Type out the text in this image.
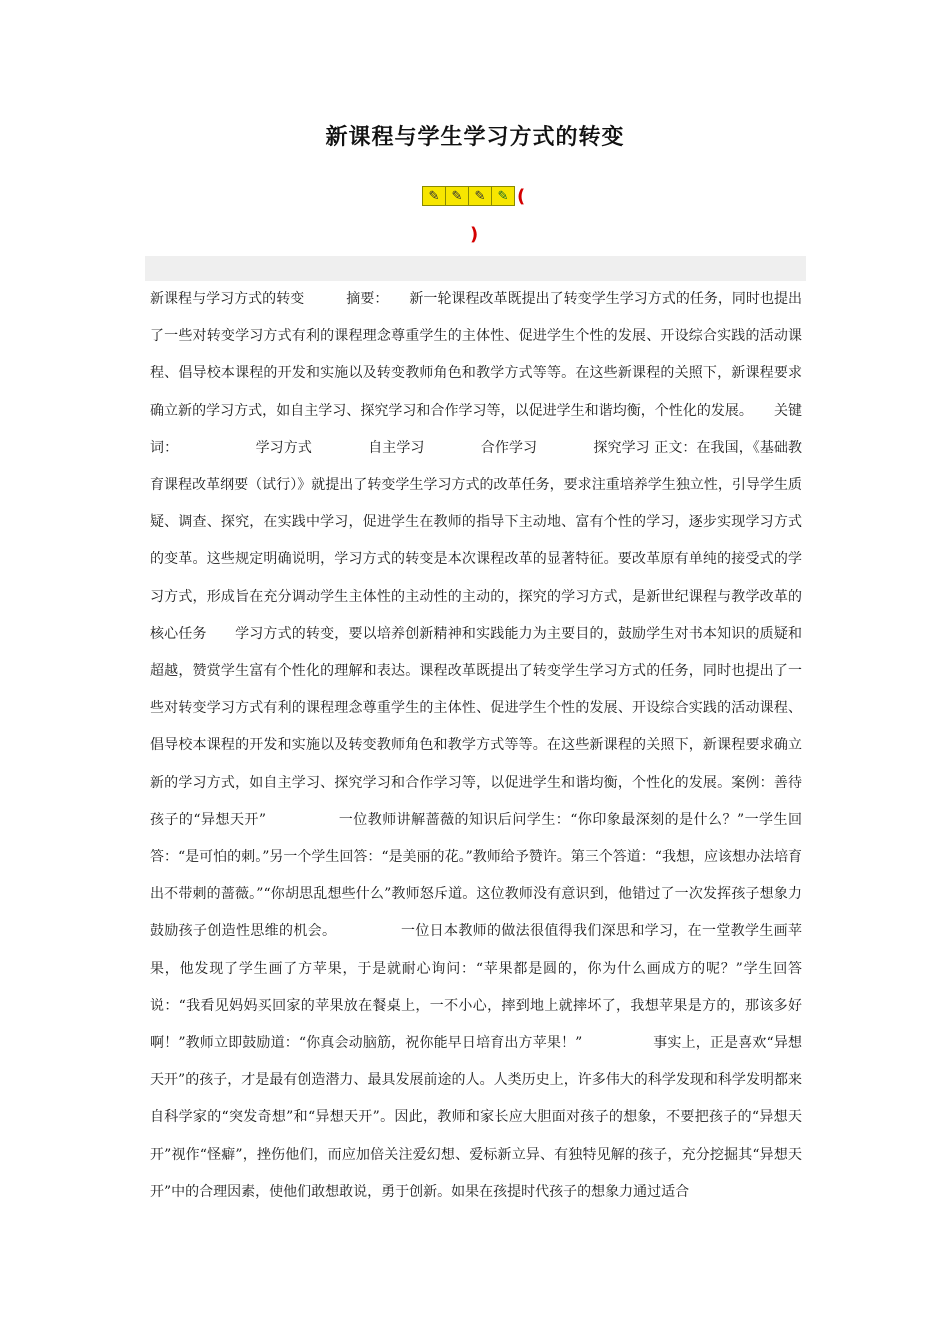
新课程与学生学习方式的转变
✎ ✎ ✎ ✎ (
)

新课程与学习方式的转变　　　摘要：　　新一轮课程改革既提出了转变学生学习方式的任务，同时也提出了一些对转变学习方式有利的课程理念尊重学生的主体性、促进学生个性的发展、开设综合实践的活动课程、倡导校本课程的开发和实施以及转变教师角色和教学方式等等。在这些新课程的关照下，新课程要求确立新的学习方式，如自主学习、探究学习和合作学习等，以促进学生和谐均衡，个性化的发展。　　关键词：　　　　　　学习方式　　　　自主学习　　　　合作学习　　　　探究学习 正文：在我国，《基础教育课程改革纲要（试行）》就提出了转变学生学习方式的改革任务，要求注重培养学生独立性，引导学生质疑、调查、探究，在实践中学习，促进学生在教师的指导下主动地、富有个性的学习，逐步实现学习方式的变革。这些规定明确说明，学习方式的转变是本次课程改革的显著特征。要改革原有单纯的接受式的学习方式，形成旨在充分调动学生主体性的主动性的主动的，探究的学习方式，是新世纪课程与教学改革的核心任务　　学习方式的转变，要以培养创新精神和实践能力为主要目的，鼓励学生对书本知识的质疑和超越，赞赏学生富有个性化的理解和表达。课程改革既提出了转变学生学习方式的任务，同时也提出了一些对转变学习方式有利的课程理念尊重学生的主体性、促进学生个性的发展、开设综合实践的活动课程、倡导校本课程的开发和实施以及转变教师角色和教学方式等等。在这些新课程的关照下，新课程要求确立新的学习方式，如自主学习、探究学习和合作学习等，以促进学生和谐均衡，个性化的发展。案例：善待孩子的“异想天开”　　　　　一位教师讲解蔷薇的知识后问学生：“你印象最深刻的是什么？”一学生回答：“是可怕的刺。”另一个学生回答：“是美丽的花。”教师给予赞许。第三个答道：“我想，应该想办法培育出不带刺的蔷薇。”“你胡思乱想些什么”教师怒斥道。这位教师没有意识到，他错过了一次发挥孩子想象力鼓励孩子创造性思维的机会。　　　　　一位日本教师的做法很值得我们深思和学习，在一堂教学生画苹果，他发现了学生画了方苹果，于是就耐心询问：“苹果都是圆的，你为什么画成方的呢？”学生回答说：“我看见妈妈买回家的苹果放在餐桌上，一不小心，摔到地上就摔坏了，我想苹果是方的，那该多好啊！”教师立即鼓励道：“你真会动脑筋，祝你能早日培育出方苹果！”　　　　　事实上，正是喜欢“异想天开”的孩子，才是最有创造潜力、最具发展前途的人。人类历史上，许多伟大的科学发现和科学发明都来自科学家的“突发奇想”和“异想天开”。因此，教师和家长应大胆面对孩子的想象，不要把孩子的“异想天开”视作“怪癖”，挫伤他们，而应加倍关注爱幻想、爱标新立异、有独特见解的孩子，充分挖掘其“异想天开”中的合理因素，使他们敢想敢说，勇于创新。如果在孩提时代孩子的想象力通过适合
